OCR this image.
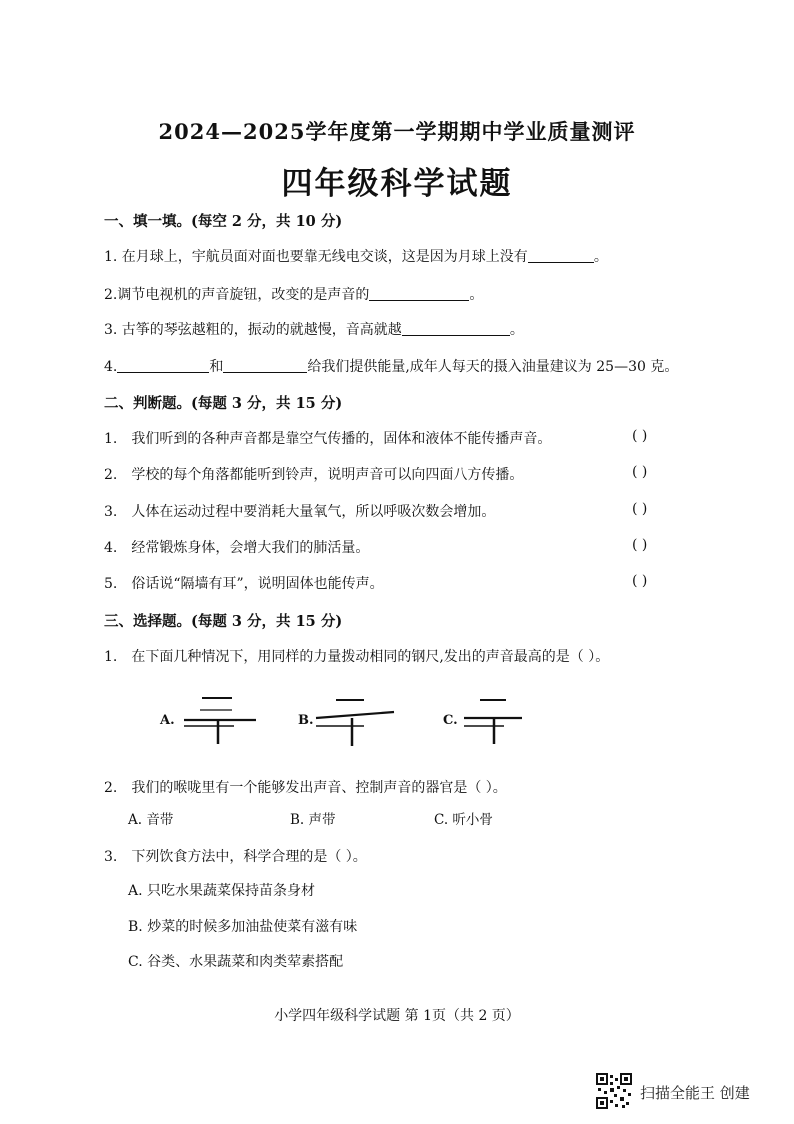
2024—2025学年度第一学期期中学业质量测评
四年级科学试题
一、填一填。(每空 2 分，共 10 分)
1. 在月球上，宇航员面对面也要靠无线电交谈，这是因为月球上没有	。
2.调节电视机的声音旋钮，改变的是声音的	。
3. 古筝的琴弦越粗的，振动的就越慢，音高就越	。
4.	和	给我们提供能量,成年人每天的摄入油量建议为 25—30 克。
二、判断题。(每题 3 分，共 15 分)
1. 我们听到的各种声音都是靠空气传播的，固体和液体不能传播声音。	( )
2. 学校的每个角落都能听到铃声，说明声音可以向四面八方传播。	( )
3. 人体在运动过程中要消耗大量氧气，所以呼吸次数会增加。	( )
4. 经常锻炼身体，会增大我们的肺活量。	( )
5. 俗话说“隔墙有耳”，说明固体也能传声。	( )
三、选择题。(每题 3 分，共 15 分)
1. 在下面几种情况下，用同样的力量拨动相同的钢尺,发出的声音最高的是（ ）。
A.	B.	C.
2. 我们的喉咙里有一个能够发出声音、控制声音的器官是（ ）。
A. 音带	B. 声带	C. 听小骨
3. 下列饮食方法中，科学合理的是（ ）。
A. 只吃水果蔬菜保持苗条身材
B. 炒菜的时候多加油盐使菜有滋有味
C. 谷类、水果蔬菜和肉类荤素搭配
小学四年级科学试题 第 1页（共 2 页）
扫描全能王 创建
